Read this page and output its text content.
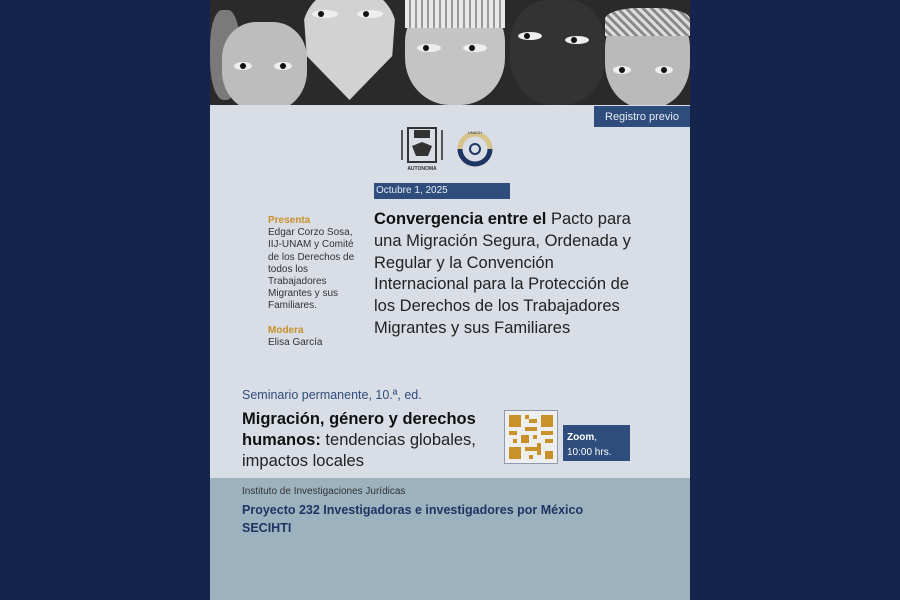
Registro previo
AUTONOMA
UNACH
Octubre 1, 2025
Presenta
Edgar Corzo Sosa, IIJ-UNAM y Comité de los Derechos de todos los Trabajadores Migrantes y sus Familiares.
Modera
Elisa García
Convergencia entre el Pacto para una Migración Segura, Ordenada y Regular y la Convención Internacional para la Protección de los Derechos de los Trabajadores Migrantes y sus Familiares
Seminario permanente, 10.ª, ed.
Migración, género y derechos humanos: tendencias globales, impactos locales
Zoom,
10:00 hrs.
Instituto de Investigaciones Jurídicas
Proyecto 232 Investigadoras e investigadores por México
SECIHTI
